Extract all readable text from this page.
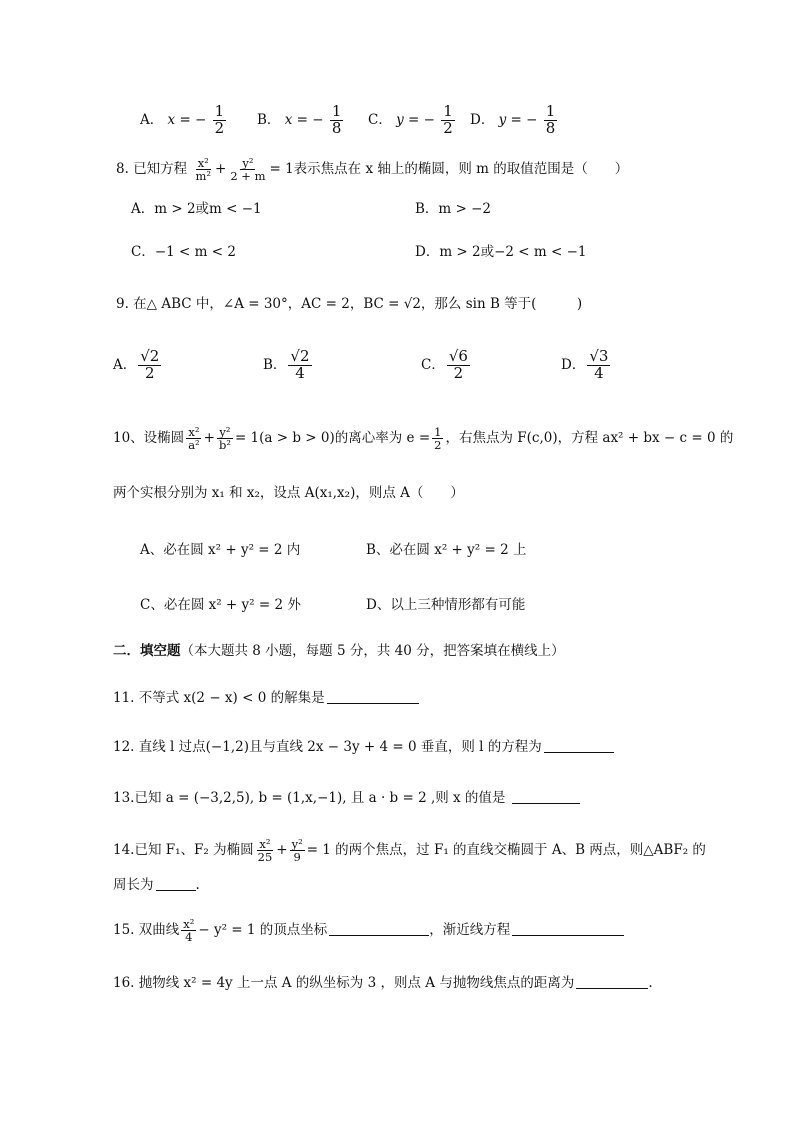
A． x = − $\frac{1}{2}$ B． x = − $\frac{1}{8}$ C． y = − $\frac{1}{2}$ D． y = − $\frac{1}{8}$
8. 已知方程 $\frac{\text{x²}}{\text{m²}} + \frac{\text{y²}}{2 + m} = 1$表示焦点在 x 轴上的椭圆，则 m 的取值范围是（　　）
A．m > 2或m < −1	B．m > −2
C．−1 < m < 2	D．m > 2或−2 < m < −1
9. 在△ ABC 中，∠A = 30°，AC = 2，BC = √2，那么 sin B 等于(　　　)
A． $\frac{√2}{2}$	B． $\frac{√2}{4}$	C． $\frac{√6}{2}$	D． $\frac{√3}{4}$
10、设椭圆 $\frac{\text{x²}}{\text{a²}} + \frac{\text{y²}}{\text{b²}} = 1(a > b > 0)$的离心率为 $e = \frac{1}{2}$ ，右焦点为 F(c,0)，方程 ax² + bx − c = 0 的
两个实根分别为 x₁ 和 x₂，设点 A(x₁,x₂)，则点 A（　　）
A、必在圆 x² + y² = 2 内	B、必在圆 x² + y² = 2 上
C、必在圆 x² + y² = 2 外	D、以上三种情形都有可能
二．填空题（本大题共 8 小题，每题 5 分，共 40 分，把答案填在横线上）
11. 不等式 x(2 − x) < 0 的解集是
12. 直线 l 过点(−1,2)且与直线 2x − 3y + 4 = 0 垂直，则 l 的方程为
13.已知 a = (−3,2,5), b = (1,x,−1), 且 a · b = 2 ,则 x 的值是
14.已知 F₁、F₂ 为椭圆 $\frac{\text{x²}}{25} + \frac{\text{y²}}{9} = 1$ 的两个焦点，过 F₁ 的直线交椭圆于 A、B 两点，则△ABF₂ 的
周长为	.
15. 双曲线 $\frac{\text{x²}}{4} - y^2 = 1$ 的顶点坐标	，渐近线方程
16. 抛物线 x² = 4y 上一点 A 的纵坐标为 3 ，则点 A 与抛物线焦点的距离为	.
